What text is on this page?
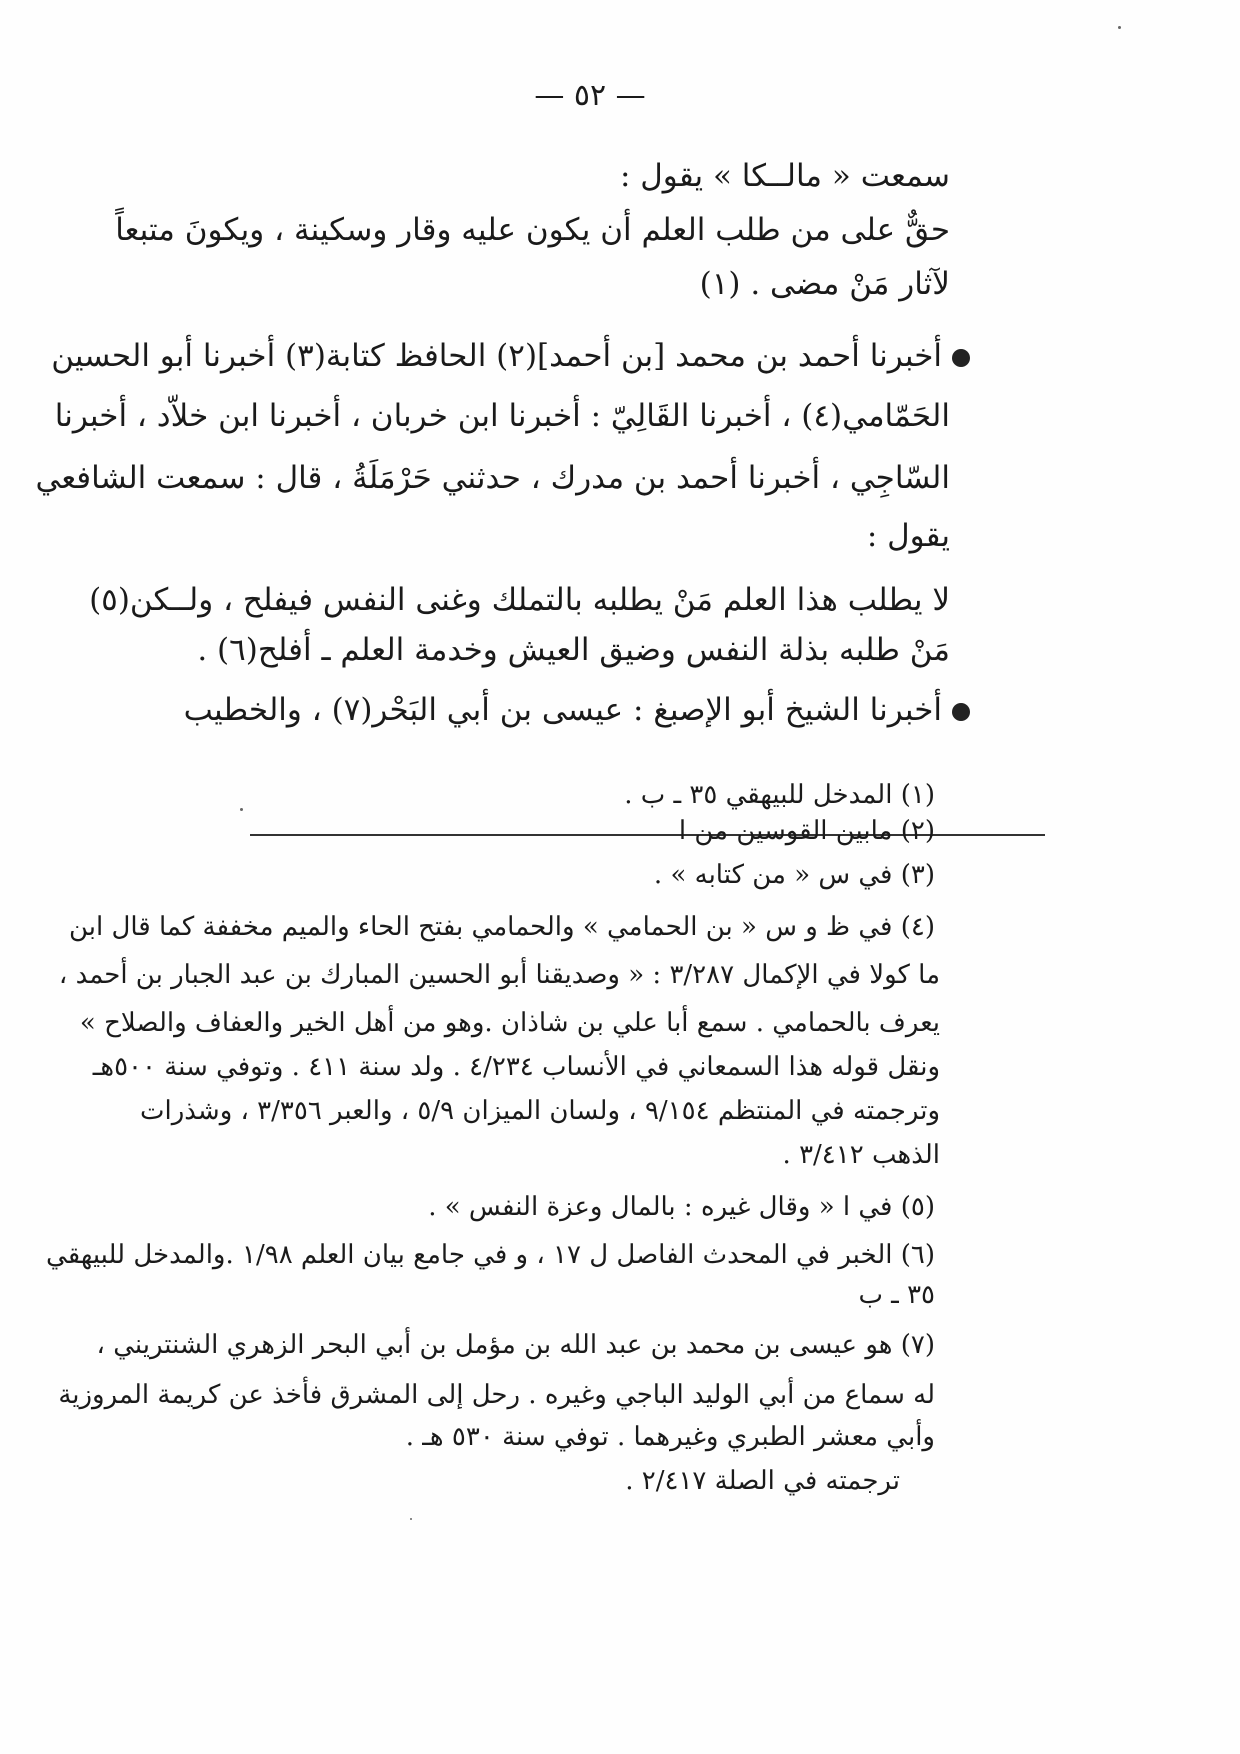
— ٥٢ —
سمعت « مالــكا » يقول :
حقٌّ على من طلب العلم أن يكون عليه وقار وسكينة ، ويكونَ متبعاً
لآثار مَنْ مضى . (١)
أخبرنا أحمد بن محمد [بن أحمد](٢) الحافظ كتابة(٣) أخبرنا أبو الحسين
الحَمّامي(٤) ، أخبرنا القَالِيّ : أخبرنا ابن خربان ، أخبرنا ابن خلاّد ، أخبرنا
السّاجِي ، أخبرنا أحمد بن مدرك ، حدثني حَرْمَلَةُ ، قال : سمعت الشافعي
يقول :
لا يطلب هذا العلم مَنْ يطلبه بالتملك وغنى النفس فيفلح ، ولــكن(٥)
مَنْ طلبه بذلة النفس وضيق العيش وخدمة العلم ـ أفلح(٦) .
أخبرنا الشيخ أبو الإصبغ : عيسى بن أبي البَحْر(٧) ، والخطيب
(١) المدخل للبيهقي ٣٥ ـ ب .
(٢) مابين القوسين من ا
(٣) في س « من كتابه » .
(٤) في ظ و س « بن الحمامي » والحمامي بفتح الحاء والميم مخففة كما قال ابن
ما كولا في الإكمال ٣/٢٨٧ : « وصديقنا أبو الحسين المبارك بن عبد الجبار بن أحمد ،
يعرف بالحمامي . سمع أبا علي بن شاذان .وهو من أهل الخير والعفاف والصلاح »
ونقل قوله هذا السمعاني في الأنساب ٤/٢٣٤ . ولد سنة ٤١١ . وتوفي سنة ٥٠٠هـ
وترجمته في المنتظم ٩/١٥٤ ، ولسان الميزان ٥/٩ ، والعبر ٣/٣٥٦ ، وشذرات
الذهب ٣/٤١٢ .
(٥) في ا « وقال غيره : بالمال وعزة النفس » .
(٦) الخبر في المحدث الفاصل ل ١٧ ، و في جامع بيان العلم ١/٩٨ .والمدخل للبيهقي
٣٥ ـ ب
(٧) هو عيسى بن محمد بن عبد الله بن مؤمل بن أبي البحر الزهري الشنتريني ،
له سماع من أبي الوليد الباجي وغيره . رحل إلى المشرق فأخذ عن كريمة المروزية
وأبي معشر الطبري وغيرهما . توفي سنة ٥٣٠ هـ .
ترجمته في الصلة ٢/٤١٧ .
